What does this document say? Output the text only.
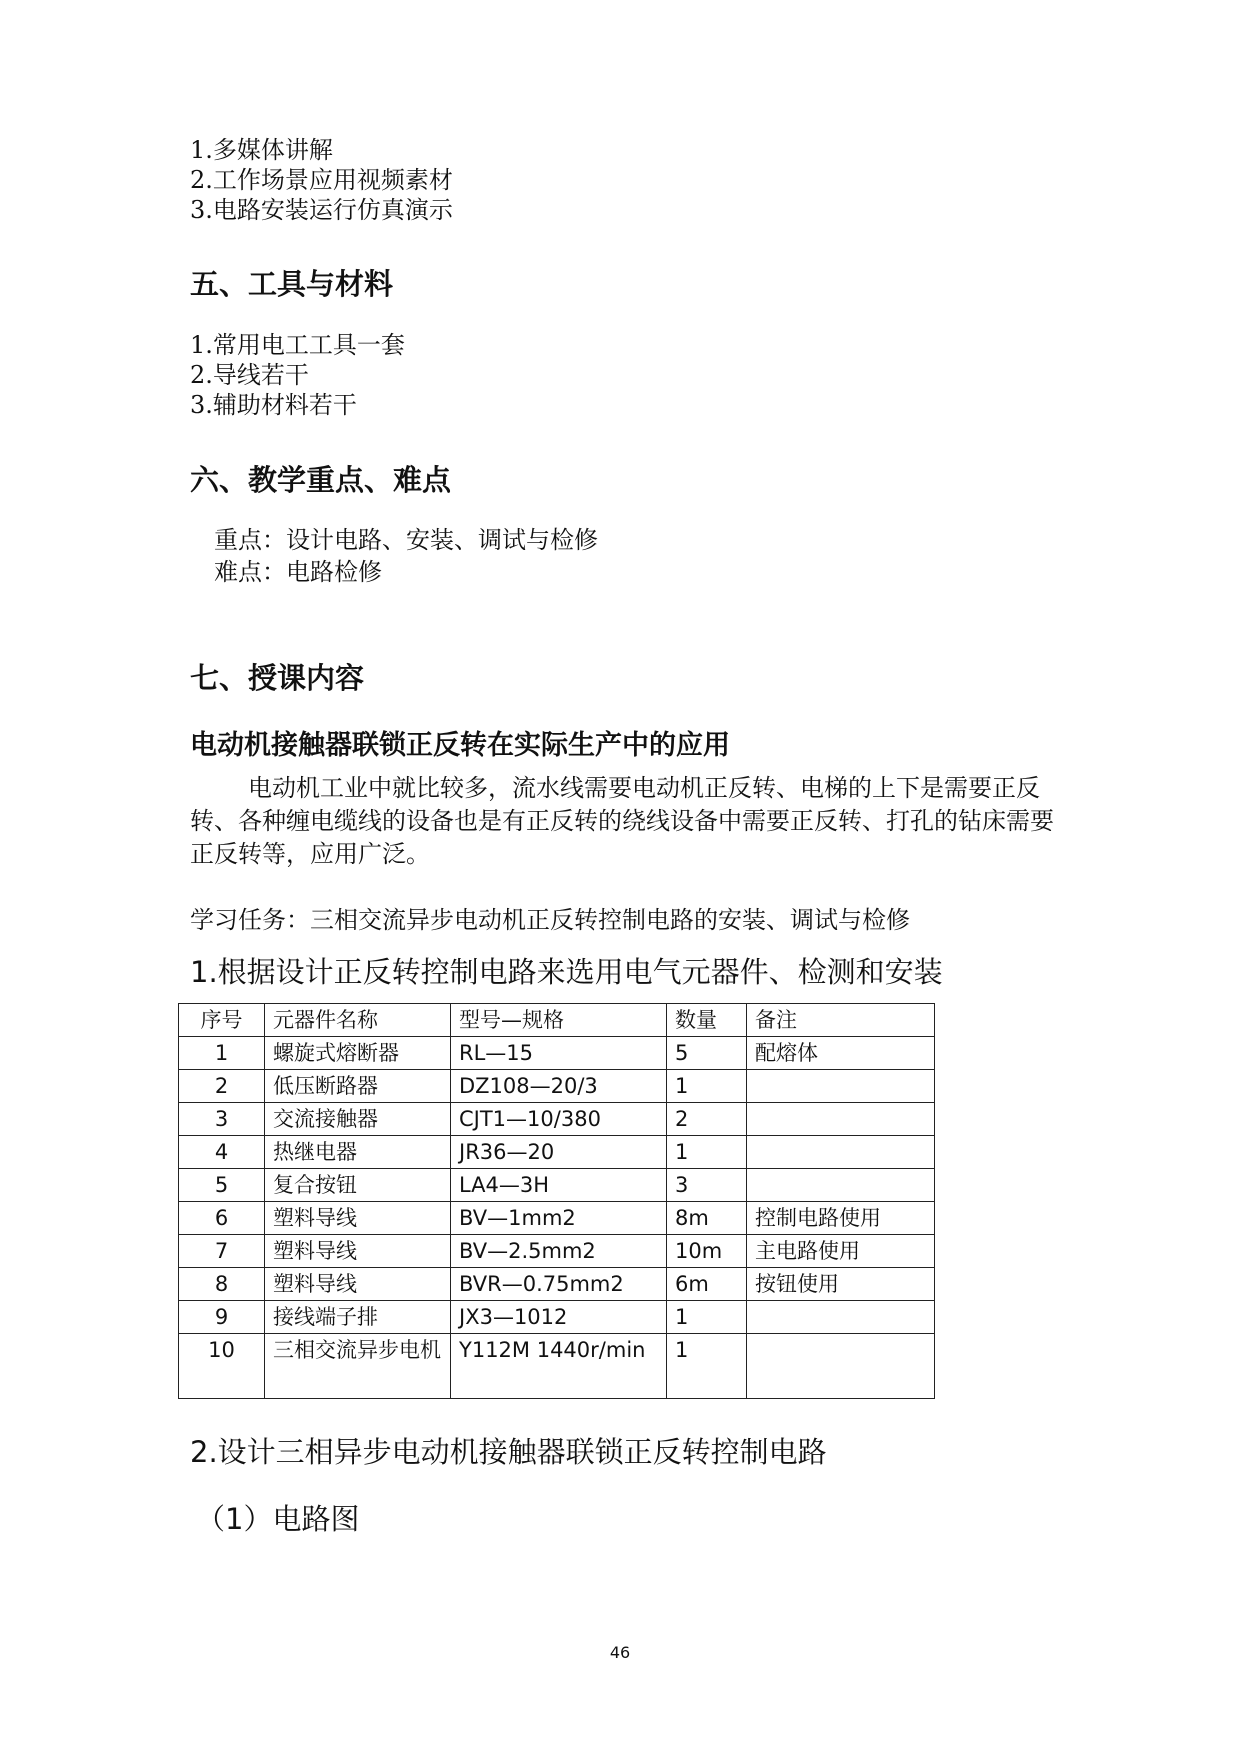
1.多媒体讲解
2.工作场景应用视频素材
3.电路安装运行仿真演示
五、工具与材料
1.常用电工工具一套
2.导线若干
3.辅助材料若干
六、教学重点、难点
重点：设计电路、安装、调试与检修
难点：电路检修
七、授课内容
电动机接触器联锁正反转在实际生产中的应用
电动机工业中就比较多，流水线需要电动机正反转、电梯的上下是需要正反转、各种缠电缆线的设备也是有正反转的绕线设备中需要正反转、打孔的钻床需要正反转等，应用广泛。
学习任务：三相交流异步电动机正反转控制电路的安装、调试与检修
1.根据设计正反转控制电路来选用电气元器件、检测和安装
序号	元器件名称	型号—规格	数量	备注
1	螺旋式熔断器	RL—15	5	配熔体
2	低压断路器	DZ108—20/3	1	
3	交流接触器	CJT1—10/380	2	
4	热继电器	JR36—20	1	
5	复合按钮	LA4—3H	3	
6	塑料导线	BV—1mm2	8m	控制电路使用
7	塑料导线	BV—2.5mm2	10m	主电路使用
8	塑料导线	BVR—0.75mm2	6m	按钮使用
9	接线端子排	JX3—1012	1	
10	三相交流异步电机	Y112M 1440r/min	1	
2.设计三相异步电动机接触器联锁正反转控制电路
（1）电路图
46
